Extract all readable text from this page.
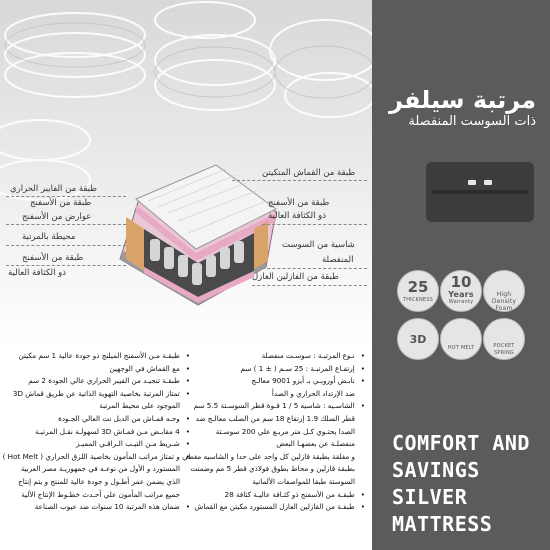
طبقة من القماش المتكيتن
طبقة من الأسفنج
ذو الكثافة العالية
شاسية من السوست
المنفصلة
طبقة من الفازلين العازل
طبقة من الفايبر الحراري
طبقة من الأسفنج
عوارض من الأسفنج
محيطة بالمرتبة
طبقة من الأسفنج
ذو الكثافة العالية
• نـوع المرتبـة : سوسـت منفصلة
• إرتفـاع المرتبـة : 25 سـم ( ± 1 ) سم
• نابـض أوروبـي بـ أيزو 9001 معالـج
ضد الإرتداد الحراري و الصدأ
• الشاسـيه : شاسيه 5 / 1 قـوة قطر السوسـتة 5.5 سم
قطر السلك 1.9 إرتفاع 18 سم من الصلب معالـج ضد
الصدا يحتـوي كـل متر مربـع علي 200 سوسـتة
منفصلـة عن بعضهـا البعض
و مغلقة بطبقة قازلين كل واحد على حدا و الشاسيه مغطي
بطبقة قازلين و محاط بطوق فولاذي قطر 5 مم وضمنت
السوستة طبقا للمواصفات الألمانية
• طبقـة من الأسفنج ذو كثـافة عاليـة كثافة 28
• طبقـة من القازلين العازل المستورد مكيتن مع القماش
• طبقـة مـن الأسفنج الميلنج ذو جودة عالية 1 سم مكيتن
• مع القماش في الوجهين
• طبقـة تنجيـد من الفيبر الحراري عالي الجودة 2 سم
• تمتاز المرتبة بخاصية التهوية الذاتية عن طريق قماش 3D
الموجود على محيط المرتبة
• وجـه قمـاش من الدبل نت العالي الجـودة
• 4 مقابـض مـن قمـاش 3D لسهولـة نقـل المرتبـة
• شـريط مـن التيـب الـراقـي المميـز
• و تمتاز مراتب المأمون بخاصية اللزق الحراري ( Hot Melt )
المستورد و الأول من نوعـه في جمهوريـة مصر العربية
الذي يضمن عمر أطـول و جودة عالية للمنتج و يتم إنتاج
جميع مراتب المأمون علي أحـدث خطـوط الإنتاج الألية
• ضمان هذه المرتبة 10 سنوات ضد عيوب الصناعة
مرتبة سيلفر
ذات السوست المنفصلة
25
THICKNESS
10
Years
Warranty
High Density Foam
3D
HOT MELT	POCKET SPRING
COMFORT AND
SAVINGS
SILVER
MATTRESS
